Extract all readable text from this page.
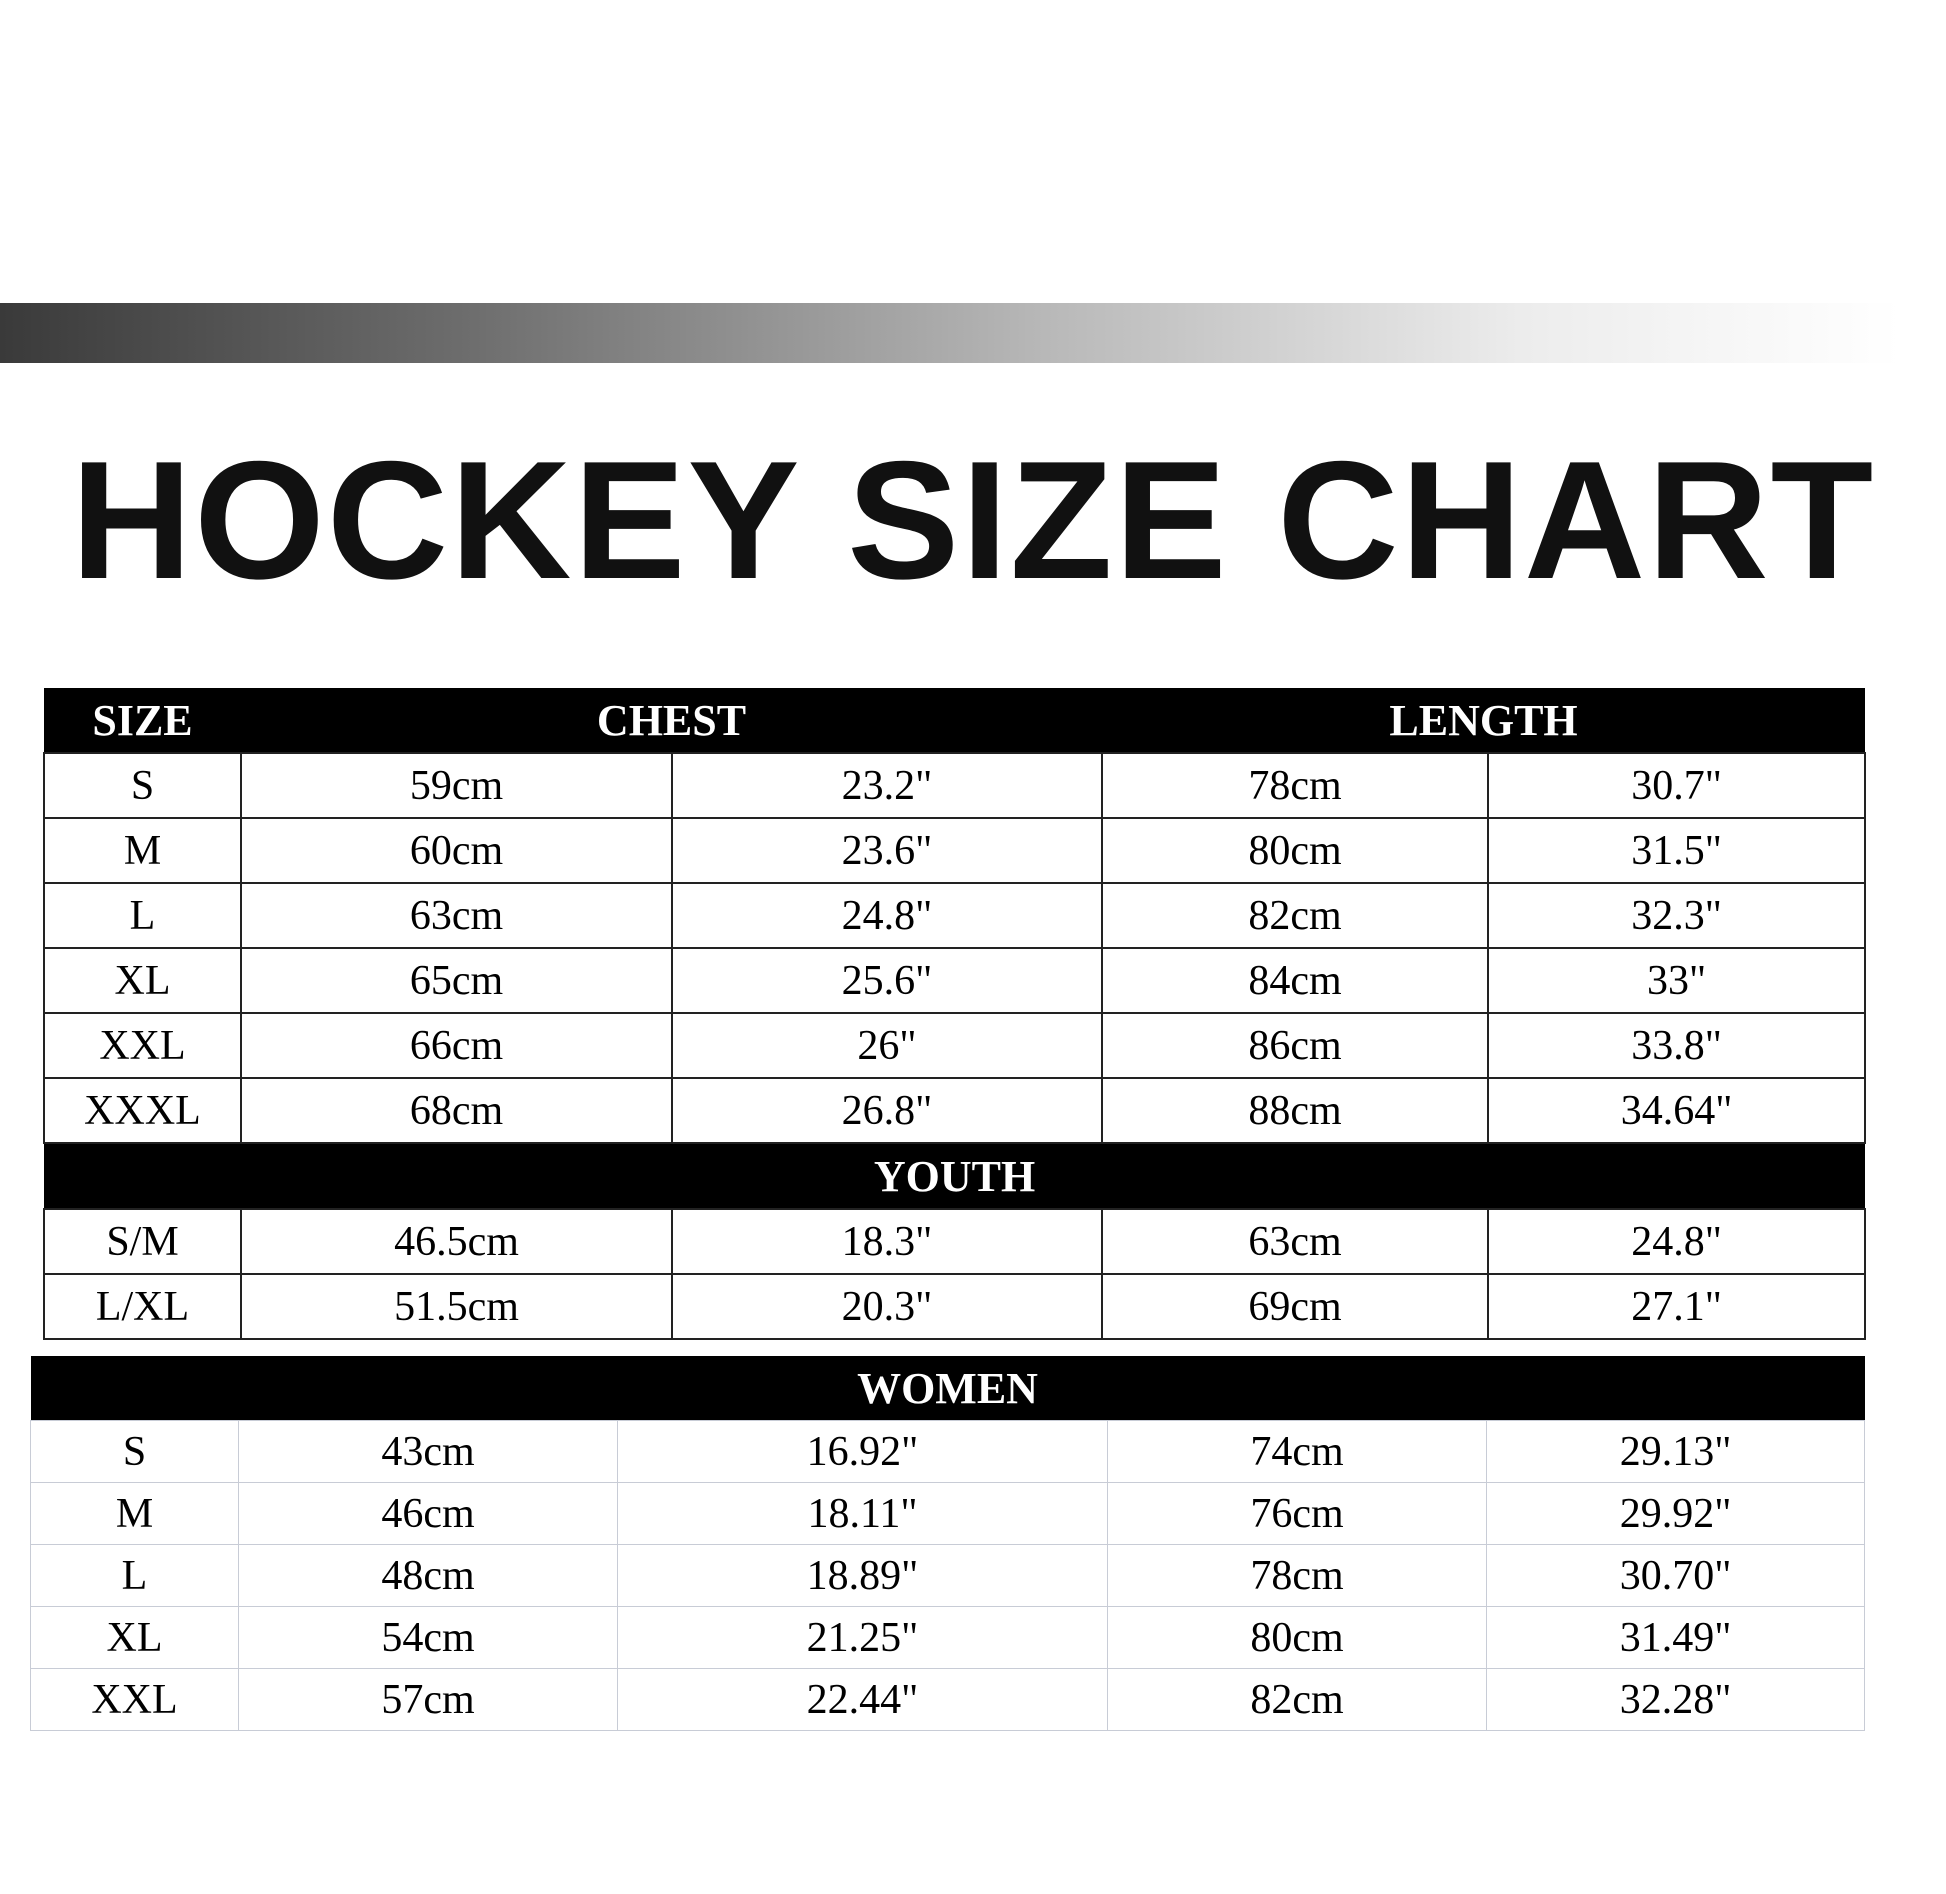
HOCKEY SIZE CHART
SIZE	CHEST		LENGTH	
S	59cm	23.2"	78cm	30.7"
M	60cm	23.6"	80cm	31.5"
L	63cm	24.8"	82cm	32.3"
XL	65cm	25.6"	84cm	33"
XXL	66cm	26"	86cm	33.8"
XXXL	68cm	26.8"	88cm	34.64"
YOUTH				
S/M	46.5cm	18.3"	63cm	24.8"
L/XL	51.5cm	20.3"	69cm	27.1"
WOMEN				
S	43cm	16.92"	74cm	29.13"
M	46cm	18.11"	76cm	29.92"
L	48cm	18.89"	78cm	30.70"
XL	54cm	21.25"	80cm	31.49"
XXL	57cm	22.44"	82cm	32.28"
